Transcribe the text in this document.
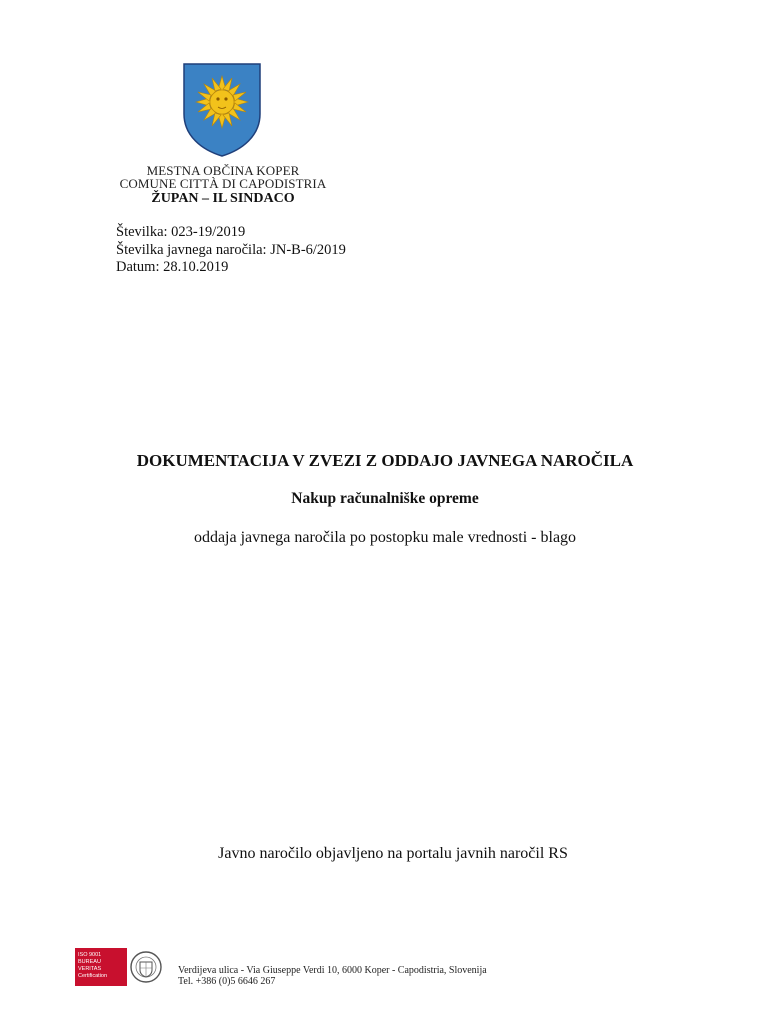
MESTNA OBČINA KOPER
COMUNE CITTÀ DI CAPODISTRIA
ŽUPAN – IL SINDACO
Številka: 023-19/2019
Številka javnega naročila: JN-B-6/2019
Datum: 28.10.2019
DOKUMENTACIJA V ZVEZI Z ODDAJO JAVNEGA NAROČILA
Nakup računalniške opreme
oddaja javnega naročila po postopku male vrednosti - blago
Javno naročilo objavljeno na portalu javnih naročil RS
ISO 9001
BUREAU VERITAS
Certification	Verdijeva ulica - Via Giuseppe Verdi 10, 6000 Koper - Capodistria, Slovenija
Tel. +386 (0)5 6646 267
